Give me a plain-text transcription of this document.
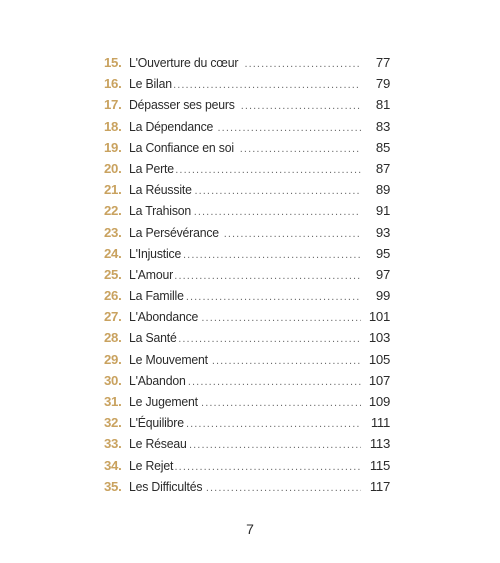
15. L'Ouverture du cœur .....	77
16. Le Bilan .....	79
17. Dépasser ses peurs .....	81
18. La Dépendance .....	83
19. La Confiance en soi .....	85
20. La Perte .....	87
21. La Réussite .....	89
22. La Trahison .....	91
23. La Persévérance .....	93
24. L'Injustice .....	95
25. L'Amour .....	97
26. La Famille .....	99
27. L'Abondance .....	101
28. La Santé .....	103
29. Le Mouvement .....	105
30. L'Abandon .....	107
31. Le Jugement .....	109
32. L'Équilibre .....	111
33. Le Réseau .....	113
34. Le Rejet .....	115
35. Les Difficultés .....	117
7
